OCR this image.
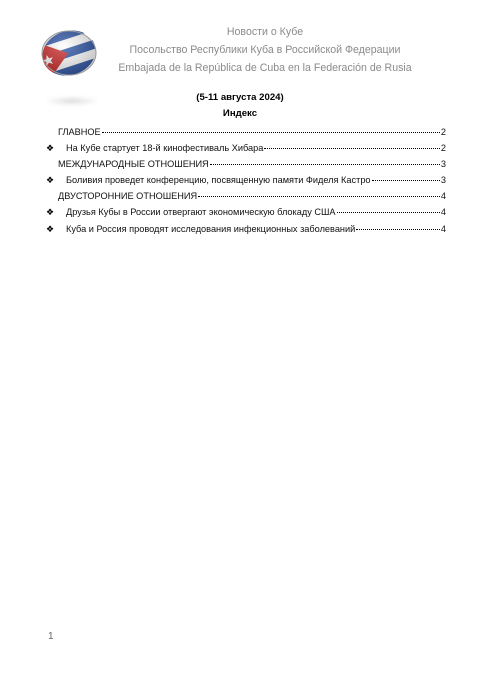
Новости о Кубе
Посольство Республики Куба в Российской Федерации
Embajada de la República de Cuba en la Federación de Rusia
(5-11 августа 2024)
Индекс
ГЛАВНОЕ	2
❖	На Кубе стартует 18-й кинофестиваль Хибара	2
МЕЖДУНАРОДНЫЕ ОТНОШЕНИЯ	3
❖	Боливия проведет конференцию, посвященную памяти Фиделя Кастро	3
ДВУСТОРОННИЕ ОТНОШЕНИЯ	4
❖	Друзья Кубы в России отвергают экономическую блокаду США	4
❖	Куба и Россия проводят исследования инфекционных заболеваний	4
1
